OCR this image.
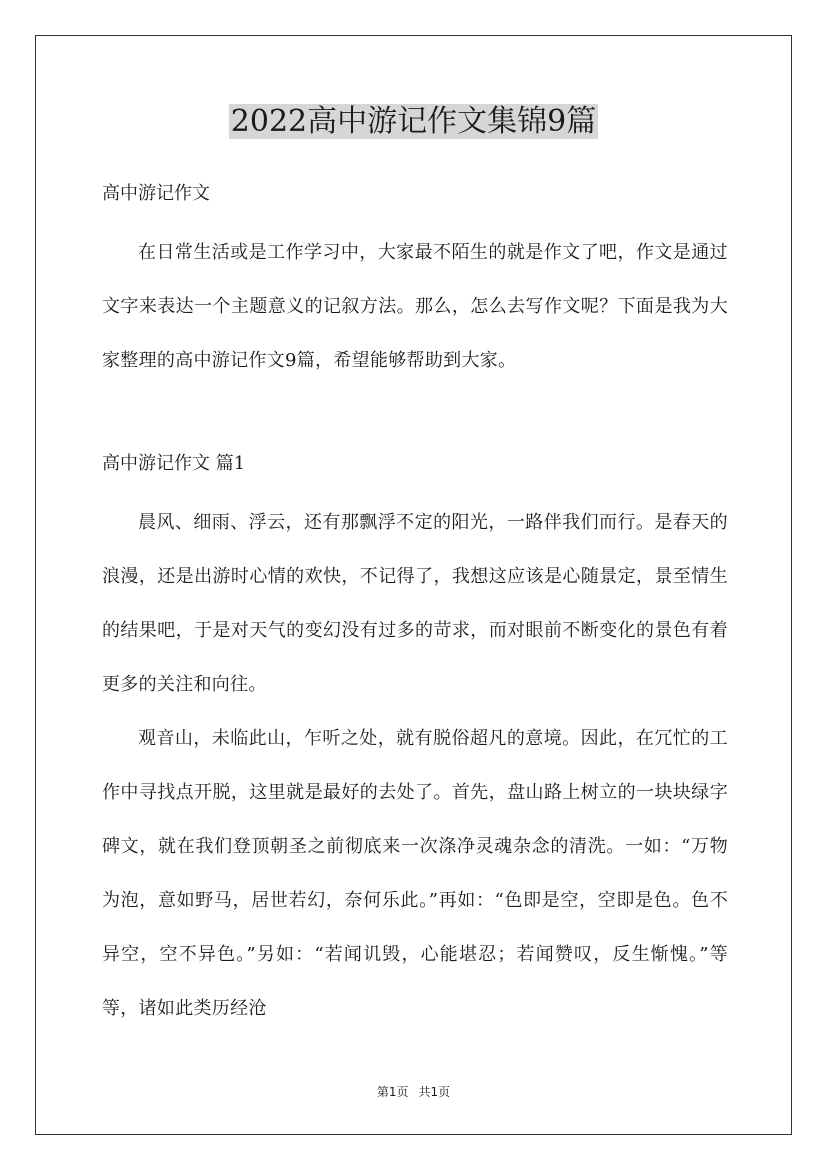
2022高中游记作文集锦9篇

高中游记作文

在日常生活或是工作学习中，大家最不陌生的就是作文了吧，作文是通过文字来表达一个主题意义的记叙方法。那么，怎么去写作文呢？下面是我为大家整理的高中游记作文9篇，希望能够帮助到大家。

高中游记作文 篇1

晨风、细雨、浮云，还有那飘浮不定的阳光，一路伴我们而行。是春天的浪漫，还是出游时心情的欢快，不记得了，我想这应该是心随景定，景至情生的结果吧，于是对天气的变幻没有过多的苛求，而对眼前不断变化的景色有着更多的关注和向往。

观音山，未临此山，乍听之处，就有脱俗超凡的意境。因此，在冗忙的工作中寻找点开脱，这里就是最好的去处了。首先，盘山路上树立的一块块绿字碑文，就在我们登顶朝圣之前彻底来一次涤净灵魂杂念的清洗。一如：“万物为泡，意如野马，居世若幻，奈何乐此。”再如：“色即是空，空即是色。色不异空，空不异色。”另如：“若闻讥毁，心能堪忍；若闻赞叹，反生惭愧。”等等，诸如此类历经沧

第1页 共1页
